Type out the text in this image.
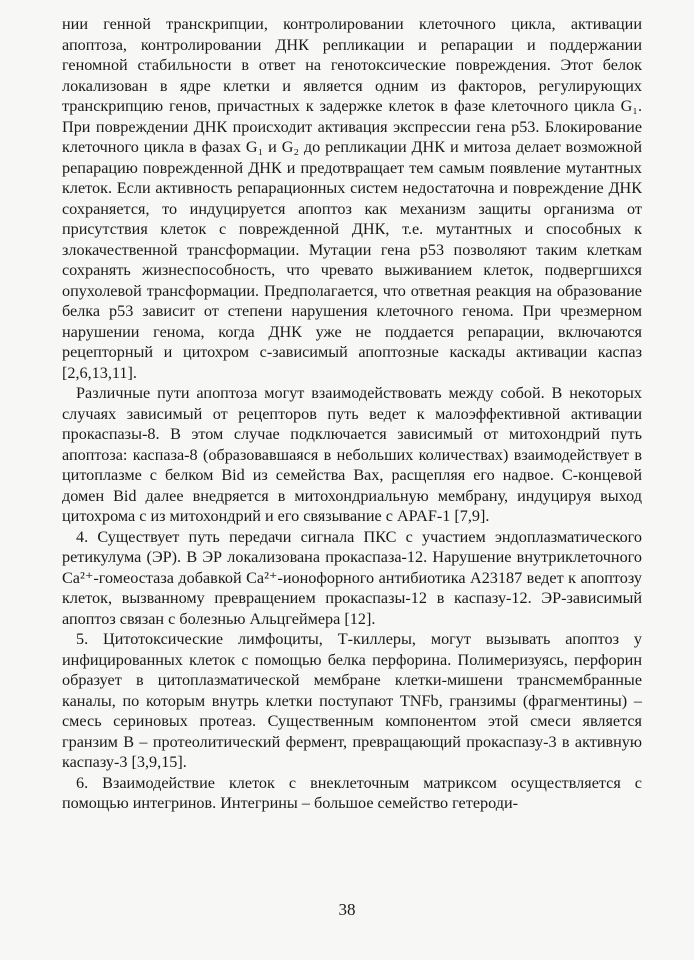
нии генной транскрипции, контролировании клеточного цикла, активации апоптоза, контролировании ДНК репликации и репарации и поддержании геномной стабильности в ответ на генотоксические повреждения. Этот белок локализован в ядре клетки и является одним из факторов, регулирующих транскрипцию генов, причастных к задержке клеток в фазе клеточного цикла G₁. При повреждении ДНК происходит активация экспрессии гена р53. Блокирование клеточного цикла в фазах G₁ и G₂ до репликации ДНК и митоза делает возможной репарацию поврежденной ДНК и предотвращает тем самым появление мутантных клеток. Если активность репарационных систем недостаточна и повреждение ДНК сохраняется, то индуцируется апоптоз как механизм защиты организма от присутствия клеток с поврежденной ДНК, т.е. мутантных и способных к злокачественной трансформации. Мутации гена р53 позволяют таким клеткам сохранять жизнеспособность, что чревато выживанием клеток, подвергшихся опухолевой трансформации. Предполагается, что ответная реакция на образование белка р53 зависит от степени нарушения клеточного генома. При чрезмерном нарушении генома, когда ДНК уже не поддается репарации, включаются рецепторный и цитохром с-зависимый апоптозные каскады активации каспаз [2,6,13,11].

Различные пути апоптоза могут взаимодействовать между собой. В некоторых случаях зависимый от рецепторов путь ведет к малоэффективной активации прокаспазы-8. В этом случае подключается зависимый от митохондрий путь апоптоза: каспаза-8 (образовавшаяся в небольших количествах) взаимодействует в цитоплазме с белком Bid из семейства Bax, расщепляя его надвое. С-концевой домен Bid далее внедряется в митохондриальную мембрану, индуцируя выход цитохрома с из митохондрий и его связывание с APAF-1 [7,9].

4. Существует путь передачи сигнала ПКС с участием эндоплазматического ретикулума (ЭР). В ЭР локализована прокаспаза-12. Нарушение внутриклеточного Ca²⁺-гомеостаза добавкой Ca²⁺-ионофорного антибиотика А23187 ведет к апоптозу клеток, вызванному превращением прокаспазы-12 в каспазу-12. ЭР-зависимый апоптоз связан с болезнью Альцгеймера [12].

5. Цитотоксические лимфоциты, Т-киллеры, могут вызывать апоптоз у инфицированных клеток с помощью белка перфорина. Полимеризуясь, перфорин образует в цитоплазматической мембране клетки-мишени трансмембранные каналы, по которым внутрь клетки поступают TNFb, гранзимы (фрагментины) – смесь сериновых протеаз. Существенным компонентом этой смеси является гранзим В – протеолитический фермент, превращающий прокаспазу-3 в активную каспазу-3 [3,9,15].

6. Взаимодействие клеток с внеклеточным матриксом осуществляется с помощью интегринов. Интегрины – большое семейство гетероди-

38
